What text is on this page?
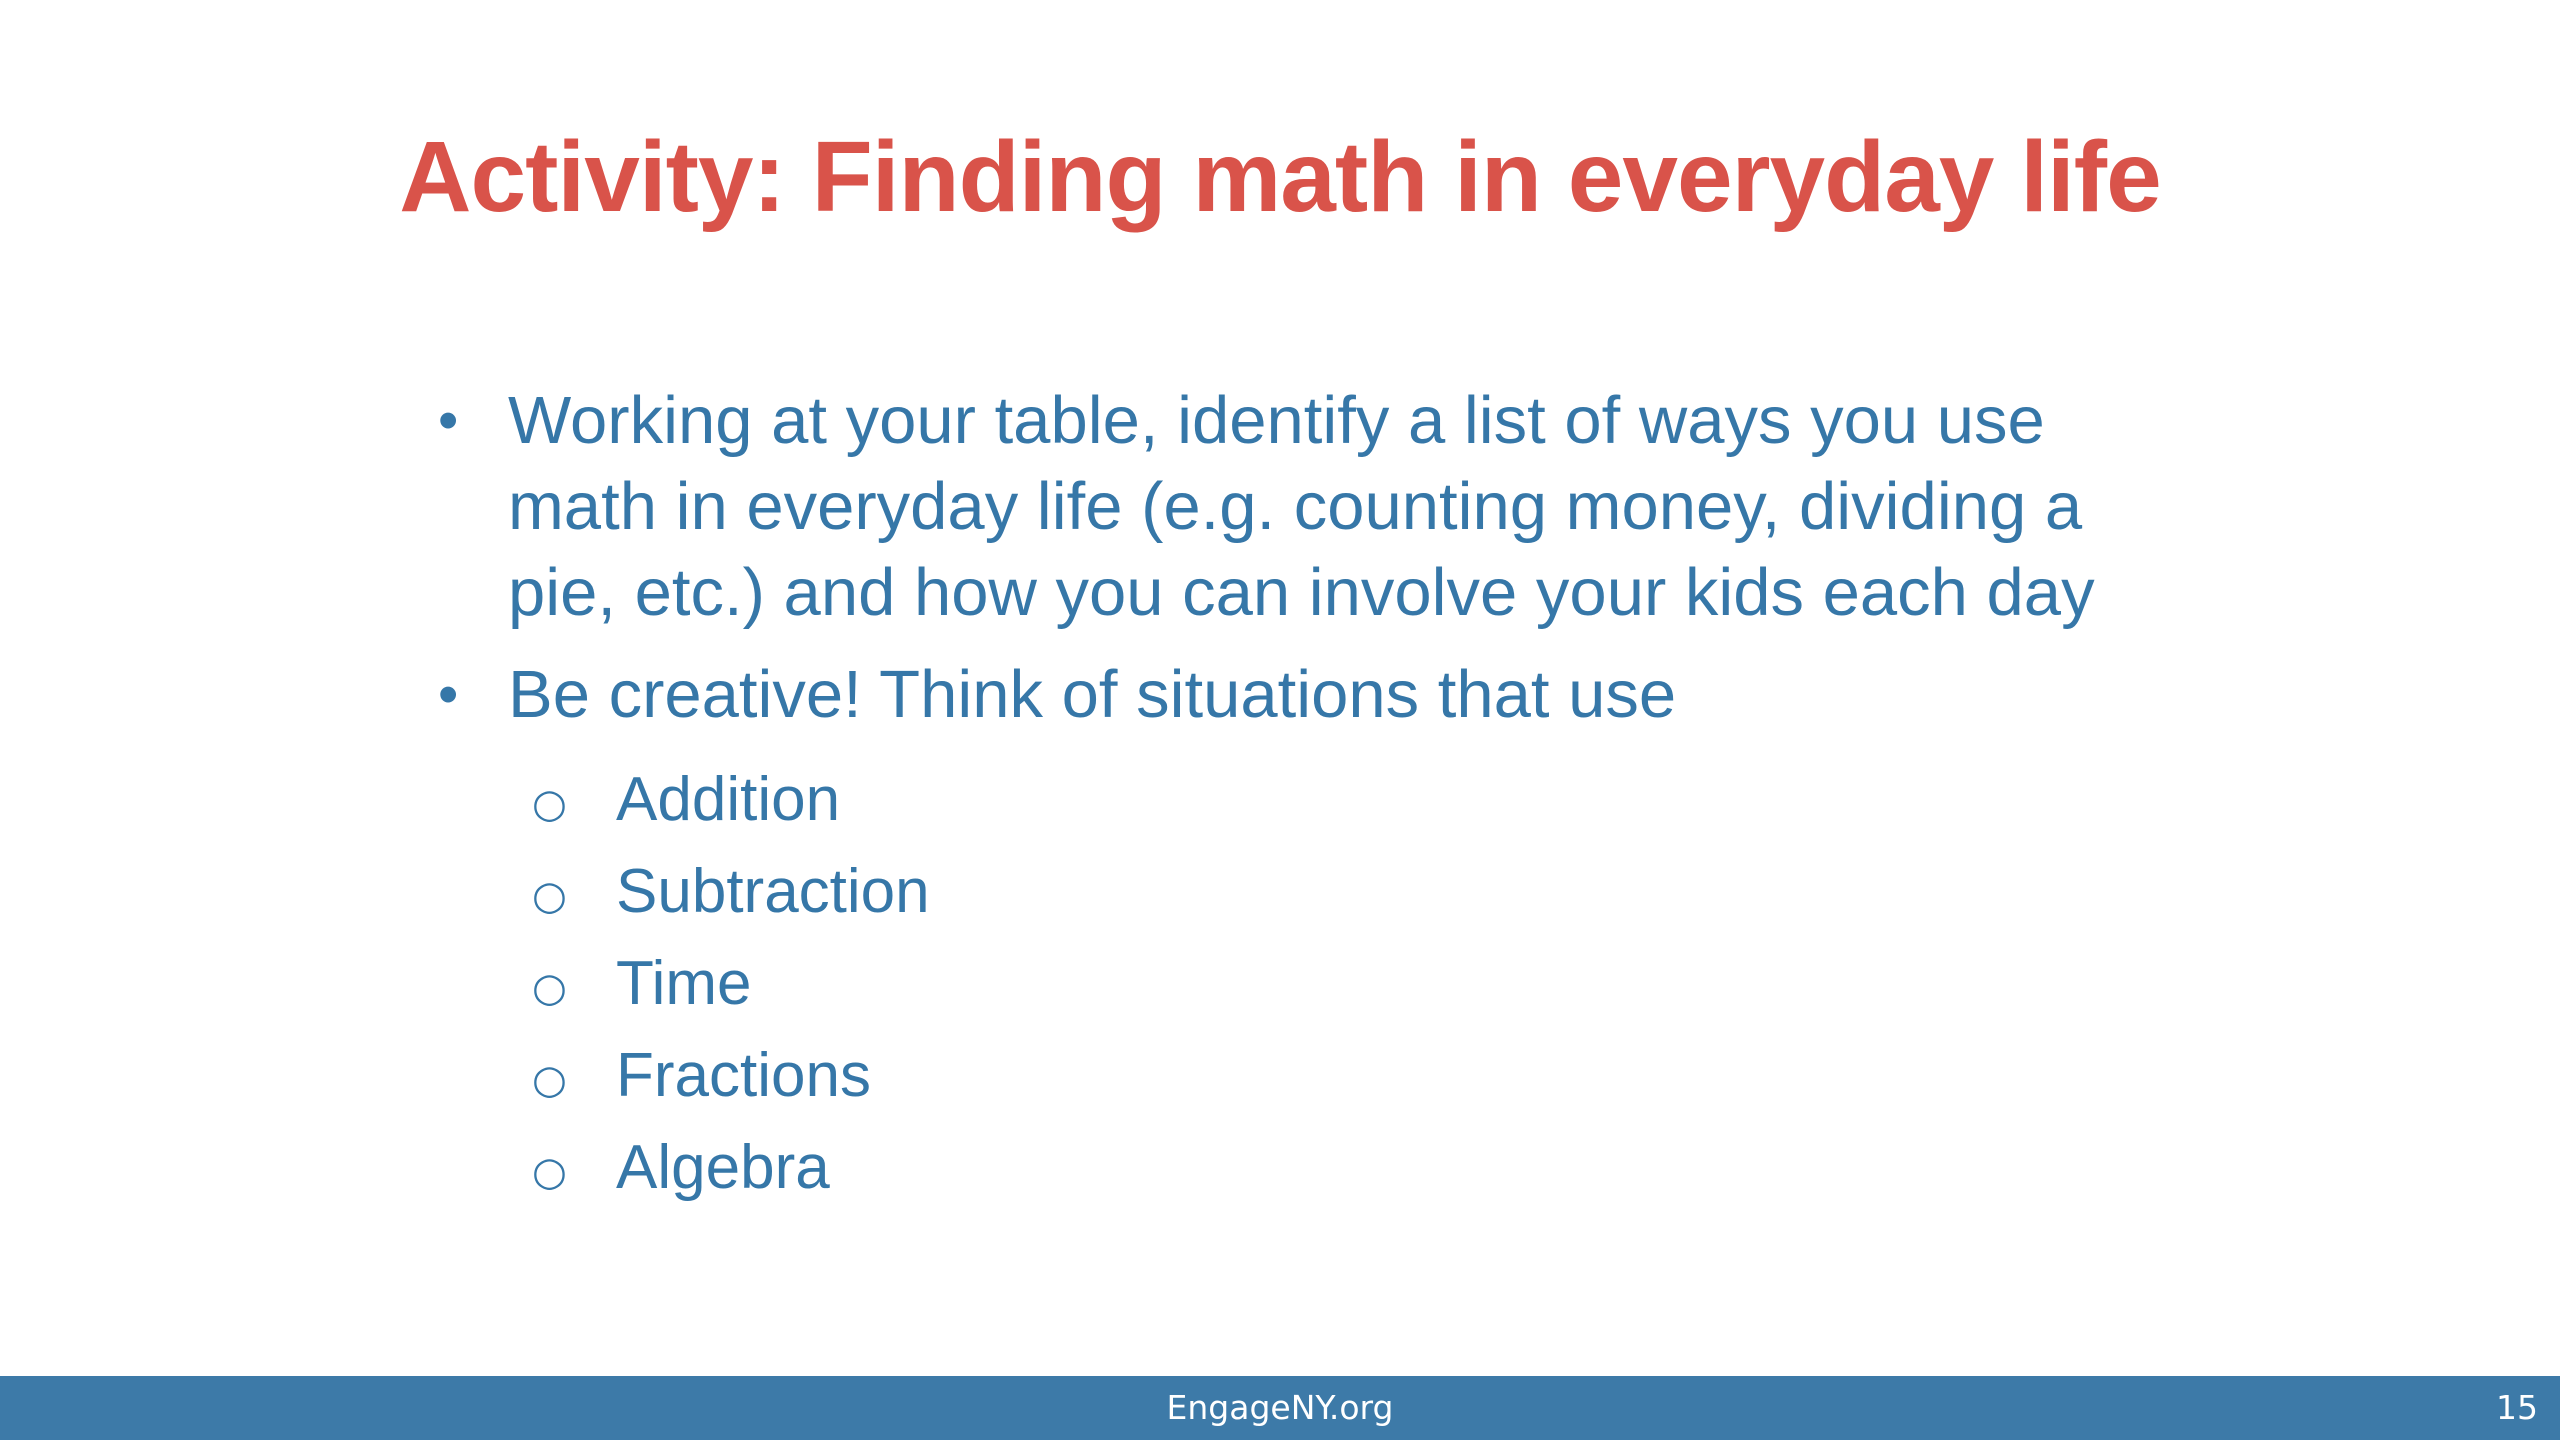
Activity: Finding math in everyday life
• Working at your table, identify a list of ways you use math in everyday life (e.g. counting money, dividing a pie, etc.) and how you can involve your kids each day
• Be creative! Think of situations that use
○ Addition
○ Subtraction
○ Time
○ Fractions
○ Algebra
EngageNY.org	15
